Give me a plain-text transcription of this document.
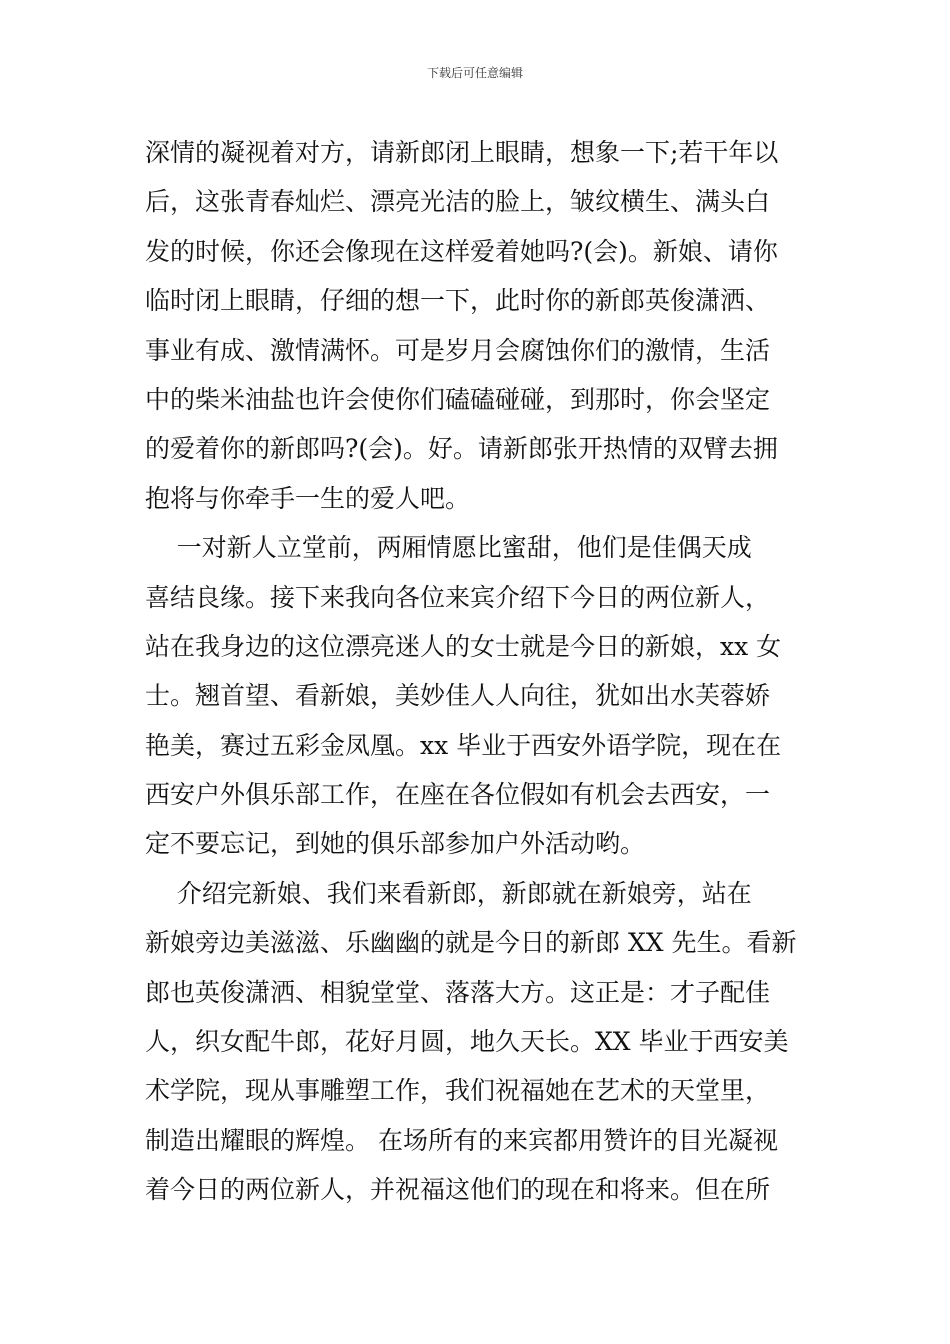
下载后可任意编辑
深情的凝视着对方，请新郎闭上眼睛，想象一下;若干年以
后，这张青春灿烂、漂亮光洁的脸上，皱纹横生、满头白
发的时候，你还会像现在这样爱着她吗?(会)。新娘、请你
临时闭上眼睛，仔细的想一下，此时你的新郎英俊潇洒、
事业有成、激情满怀。可是岁月会腐蚀你们的激情，生活
中的柴米油盐也许会使你们磕磕碰碰，到那时，你会坚定
的爱着你的新郎吗?(会)。好。请新郎张开热情的双臂去拥
抱将与你牵手一生的爱人吧。
一对新人立堂前，两厢情愿比蜜甜，他们是佳偶天成
喜结良缘。接下来我向各位来宾介绍下今日的两位新人，
站在我身边的这位漂亮迷人的女士就是今日的新娘，xx 女
士。翘首望、看新娘，美妙佳人人向往，犹如出水芙蓉娇
艳美，赛过五彩金凤凰。xx 毕业于西安外语学院，现在在
西安户外俱乐部工作，在座在各位假如有机会去西安，一
定不要忘记，到她的俱乐部参加户外活动哟。
介绍完新娘、我们来看新郎，新郎就在新娘旁，站在
新娘旁边美滋滋、乐幽幽的就是今日的新郎 XX 先生。看新
郎也英俊潇洒、相貌堂堂、落落大方。这正是：才子配佳
人，织女配牛郎，花好月圆，地久天长。XX 毕业于西安美
术学院，现从事雕塑工作，我们祝福她在艺术的天堂里，
制造出耀眼的辉煌。 在场所有的来宾都用赞许的目光凝视
着今日的两位新人，并祝福这他们的现在和将来。但在所
